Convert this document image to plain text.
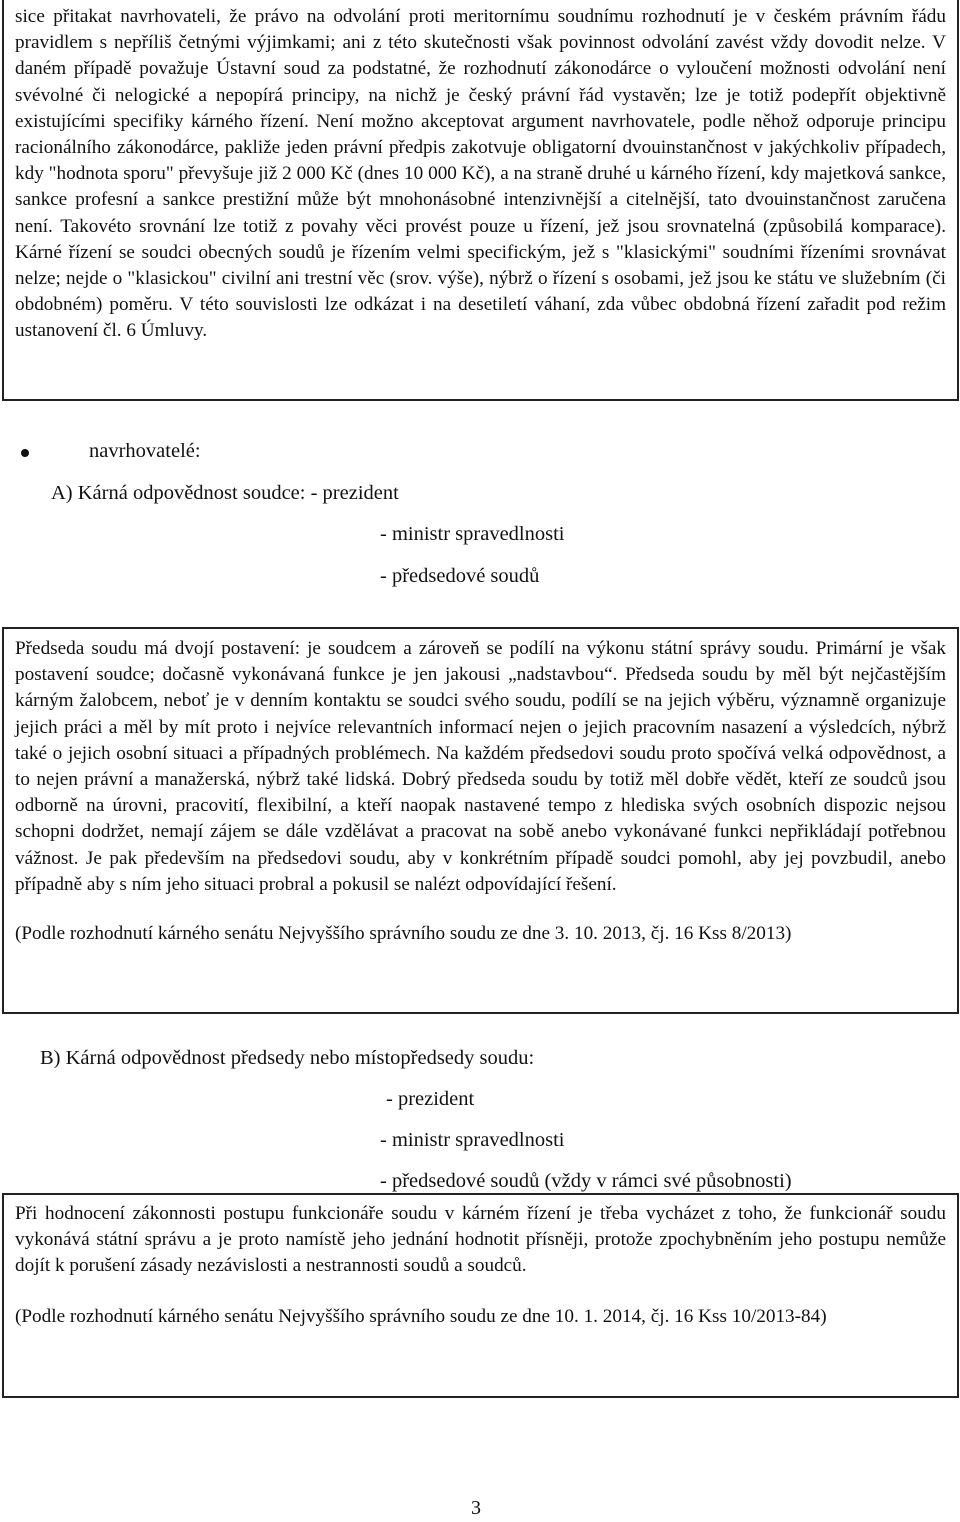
sice přitakat navrhovateli, že právo na odvolání proti meritornímu soudnímu rozhodnutí je v českém právním řádu pravidlem s nepříliš četnými výjimkami; ani z této skutečnosti však povinnost odvolání zavést vždy dovodit nelze. V daném případě považuje Ústavní soud za podstatné, že rozhodnutí zákonodárce o vyloučení možnosti odvolání není svévolné či nelogické a nepopírá principy, na nichž je český právní řád vystavěn; lze je totiž podepřít objektivně existujícími specifiky kárného řízení. Není možno akceptovat argument navrhovatele, podle něhož odporuje principu racionálního zákonodárce, pakliže jeden právní předpis zakotvuje obligatorní dvouinstančnost v jakýchkoliv případech, kdy "hodnota sporu" převyšuje již 2 000 Kč (dnes 10 000 Kč), a na straně druhé u kárného řízení, kdy majetková sankce, sankce profesní a sankce prestižní může být mnohonásobné intenzivnější a citelnější, tato dvouinstančnost zaručena není. Takovéto srovnání lze totiž z povahy věci provést pouze u řízení, jež jsou srovnatelná (způsobilá komparace). Kárné řízení se soudci obecných soudů je řízením velmi specifickým, jež s "klasickými" soudními řízeními srovnávat nelze; nejde o "klasickou" civilní ani trestní věc (srov. výše), nýbrž o řízení s osobami, jež jsou ke státu ve služebním (či obdobném) poměru. V této souvislosti lze odkázat i na desetiletí váhaní, zda vůbec obdobná řízení zařadit pod režim ustanovení čl. 6 Úmluvy.

navrhovatelé:
A) Kárná odpovědnost soudce: - prezident
- ministr spravedlnosti
- předsedové soudů

Předseda soudu má dvojí postavení: je soudcem a zároveň se podílí na výkonu státní správy soudu. Primární je však postavení soudce; dočasně vykonávaná funkce je jen jakousi „nadstavbou“. Předseda soudu by měl být nejčastějším kárným žalobcem, neboť je v denním kontaktu se soudci svého soudu, podílí se na jejich výběru, významně organizuje jejich práci a měl by mít proto i nejvíce relevantních informací nejen o jejich pracovním nasazení a výsledcích, nýbrž také o jejich osobní situaci a případných problémech. Na každém předsedovi soudu proto spočívá velká odpovědnost, a to nejen právní a manažerská, nýbrž také lidská. Dobrý předseda soudu by totiž měl dobře vědět, kteří ze soudců jsou odborně na úrovni, pracovití, flexibilní, a kteří naopak nastavené tempo z hlediska svých osobních dispozic nejsou schopni dodržet, nemají zájem se dále vzdělávat a pracovat na sobě anebo vykonávané funkci nepřikládají potřebnou vážnost. Je pak především na předsedovi soudu, aby v konkrétním případě soudci pomohl, aby jej povzbudil, anebo případně aby s ním jeho situaci probral a pokusil se nalézt odpovídající řešení.

(Podle rozhodnutí kárného senátu Nejvyššího správního soudu ze dne 3. 10. 2013, čj. 16 Kss 8/2013)

B) Kárná odpovědnost předsedy nebo místopředsedy soudu:
- prezident
- ministr spravedlnosti
- předsedové soudů (vždy v rámci své působnosti)

Při hodnocení zákonnosti postupu funkcionáře soudu v kárném řízení je třeba vycházet z toho, že funkcionář soudu vykonává státní správu a je proto namístě jeho jednání hodnotit přísněji, protože zpochybněním jeho postupu nemůže dojít k porušení zásady nezávislosti a nestrannosti soudů a soudců.

(Podle rozhodnutí kárného senátu Nejvyššího správního soudu ze dne 10. 1. 2014, čj. 16 Kss 10/2013-84)

3
